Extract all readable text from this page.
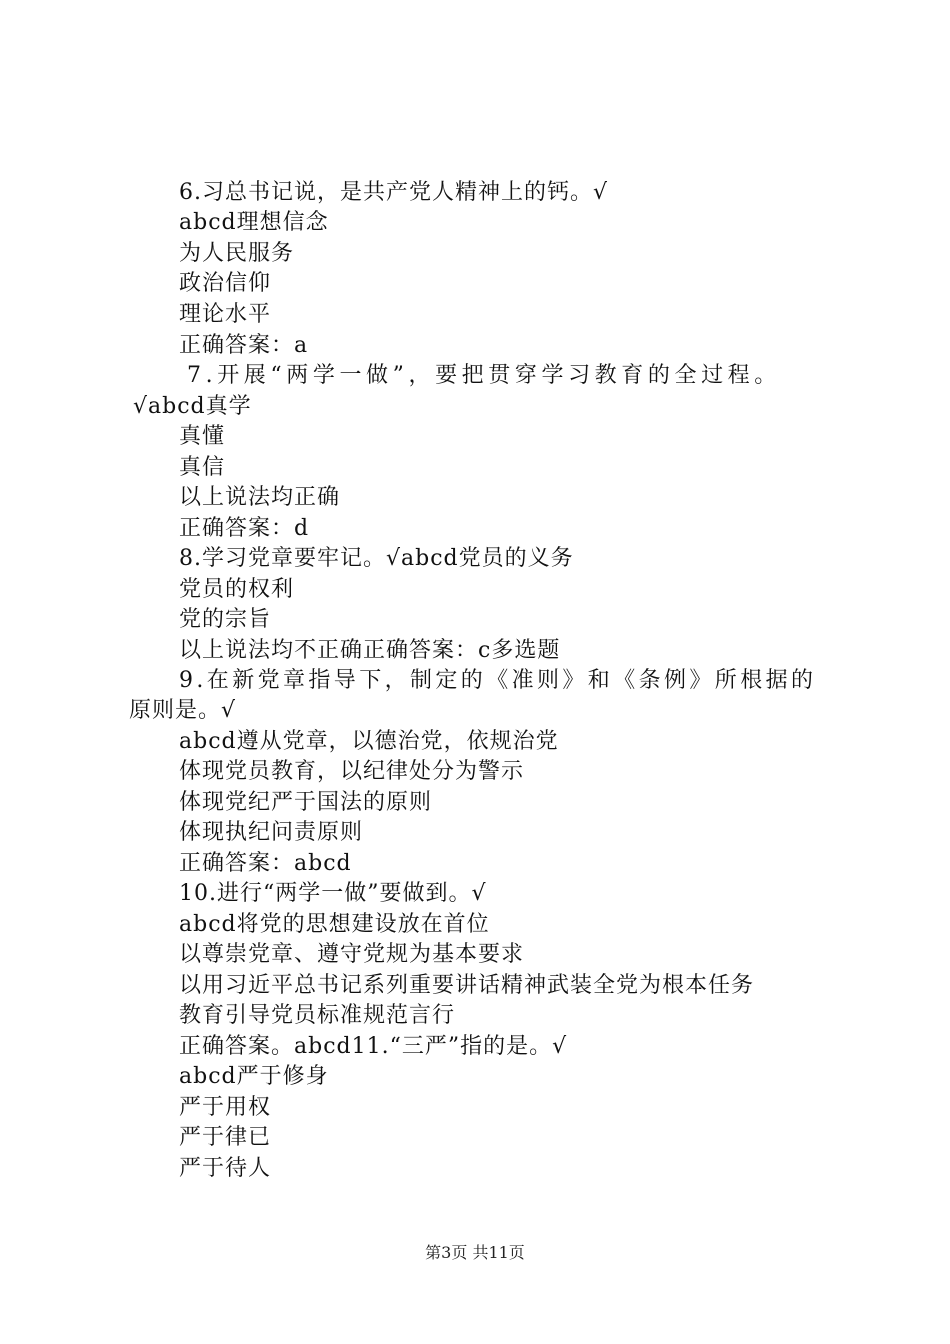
6.习总书记说，是共产党人精神上的钙。√
abcd理想信念
为人民服务
政治信仰
理论水平
正确答案：a
7.开展“两学一做”，要把贯穿学习教育的全过程。
√abcd真学
真懂
真信
以上说法均正确
正确答案：d
8.学习党章要牢记。√abcd党员的义务
党员的权利
党的宗旨
以上说法均不正确正确答案：c多选题
9.在新党章指导下，制定的《准则》和《条例》所根据的
原则是。√
abcd遵从党章，以德治党，依规治党
体现党员教育，以纪律处分为警示
体现党纪严于国法的原则
体现执纪问责原则
正确答案：abcd
10.进行“两学一做”要做到。√
abcd将党的思想建设放在首位
以尊崇党章、遵守党规为基本要求
以用习近平总书记系列重要讲话精神武装全党为根本任务
教育引导党员标准规范言行
正确答案。abcd11.“三严”指的是。√
abcd严于修身
严于用权
严于律已
严于待人
第3页 共11页
